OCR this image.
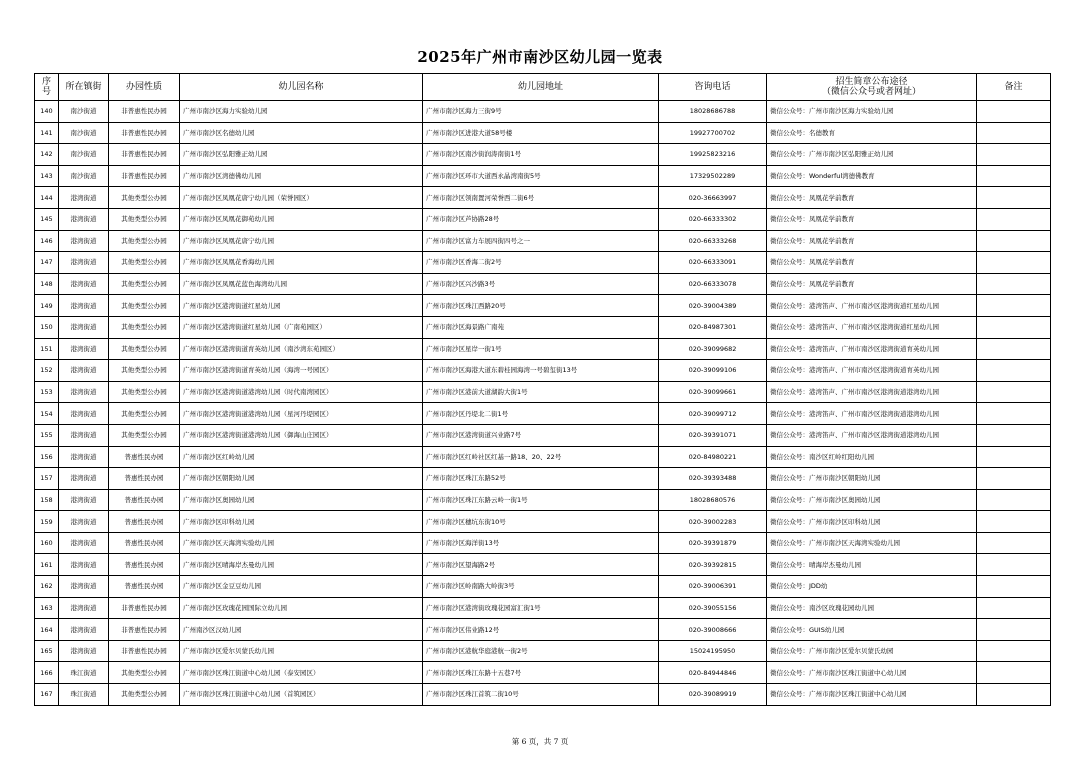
2025年广州市南沙区幼儿园一览表
序
号	所在镇街	办园性质	幼儿园名称	幼儿园地址	咨询电话	招生简章公布途径
（微信公众号或者网址）	备注
140	南沙街道	非普惠性民办园	广州市南沙区海力实验幼儿园	广州市南沙区海力三街9号	18028686788	微信公众号：广州市南沙区海力实验幼儿园	
141	南沙街道	非普惠性民办园	广州市南沙区名德幼儿园	广州市南沙区进港大道58号楼	19927700702	微信公众号：名德教育	
142	南沙街道	非普惠性民办园	广州市南沙区弘阳雅正幼儿园	广州市南沙区南沙街润涛南街1号	19925823216	微信公众号：广州市南沙区弘阳雅正幼儿园	
143	南沙街道	非普惠性民办园	广州市南沙区湾德佛幼儿园	广州市南沙区环市大道西永晶湾南街5号	17329502289	微信公众号：Wonderful湾德佛教育	
144	港湾街道	其他类型公办园	广州市南沙区凤凰花唐宁幼儿园（荣誉园区）	广州市南沙区领南置河荣誉西二街6号	020-36663997	微信公众号：凤凰花学前教育	
145	港湾街道	其他类型公办园	广州市南沙区凤凰花御苑幼儿园	广州市南沙区芦协路28号	020-66333302	微信公众号：凤凰花学前教育	
146	港湾街道	其他类型公办园	广州市南沙区凤凰花唐宁幼儿园	广州市南沙区富力车展四街四号之一	020-66333268	微信公众号：凤凰花学前教育	
147	港湾街道	其他类型公办园	广州市南沙区凤凰花香海幼儿园	广州市南沙区香海二街2号	020-66333091	微信公众号：凤凰花学前教育	
148	港湾街道	其他类型公办园	广州市南沙区凤凰花蓝色海湾幼儿园	广州市南沙区兴沙路3号	020-66333078	微信公众号：凤凰花学前教育	
149	港湾街道	其他类型公办园	广州市南沙区港湾街道红星幼儿园	广州市南沙区珠江西路20号	020-39004389	微信公众号：港湾笛声、广州市南沙区港湾街道红星幼儿园	
150	港湾街道	其他类型公办园	广州市南沙区港湾街道红星幼儿园（广南苑园区）	广州市南沙区海景路广南苑	020-84987301	微信公众号：港湾笛声、广州市南沙区港湾街道红星幼儿园	
151	港湾街道	其他类型公办园	广州市南沙区港湾街道育英幼儿园（南沙湾东苑园区）	广州市南沙区星岸一街1号	020-39099682	微信公众号：港湾笛声、广州市南沙区港湾街道育英幼儿园	
152	港湾街道	其他类型公办园	广州市南沙区港湾街道育英幼儿园（海湾一号园区）	广州市南沙区海港大道东碧桂园海湾一号碧玺街13号	020-39099106	微信公众号：港湾笛声、广州市南沙区港湾街道育英幼儿园	
153	港湾街道	其他类型公办园	广州市南沙区港湾街道港湾幼儿园（时代南湾园区）	广州市南沙区港前大道湖韵大街1号	020-39099661	微信公众号：港湾笛声、广州市南沙区港湾街道港湾幼儿园	
154	港湾街道	其他类型公办园	广州市南沙区港湾街道港湾幼儿园（星河丹堤园区）	广州市南沙区丹堤北二街1号	020-39099712	微信公众号：港湾笛声、广州市南沙区港湾街道港湾幼儿园	
155	港湾街道	其他类型公办园	广州市南沙区港湾街道港湾幼儿园（御海山庄园区）	广州市南沙区港湾街道兴业路7号	020-39391071	微信公众号：港湾笛声、广州市南沙区港湾街道港湾幼儿园	
156	港湾街道	普惠性民办园	广州市南沙区红岭幼儿园	广州市南沙区红岭社区红基一路18、20、22号	020-84980221	微信公众号：南沙区红岭红阳幼儿园	
157	港湾街道	普惠性民办园	广州市南沙区朝阳幼儿园	广州市南沙区珠江东路52号	020-39393488	微信公众号：广州市南沙区朝阳幼儿园	
158	港湾街道	普惠性民办园	广州市南沙区奥园幼儿园	广州市南沙区珠江东路云岭一街1号	18028680576	微信公众号：广州市南沙区奥园幼儿园	
159	港湾街道	普惠性民办园	广州市南沙区印科幼儿园	广州市南沙区穗坑东街10号	020-39002283	微信公众号：广州市南沙区印科幼儿园	
160	港湾街道	普惠性民办园	广州市南沙区天海湾实验幼儿园	广州市南沙区海洋街13号	020-39391879	微信公众号：广州市南沙区天海湾实验幼儿园	
161	港湾街道	普惠性民办园	广州市南沙区晴海岸杰曼幼儿园	广州市南沙区望海路2号	020-39392815	微信公众号：晴海岸杰曼幼儿园	
162	港湾街道	普惠性民办园	广州市南沙区金豆豆幼儿园	广州市南沙区岭南路大岭街3号	020-39006391	微信公众号：JDD幼	
163	港湾街道	非普惠性民办园	广州市南沙区玫瑰花园国际立幼儿园	广州市南沙区港湾街玫瑰花园富汇街1号	020-39055156	微信公众号：南沙区玫瑰花园幼儿园	
164	港湾街道	非普惠性民办园	广州南沙区汉幼儿园	广州市南沙区伟业路12号	020-39008666	微信公众号：GUIS幼儿园	
165	港湾街道	非普惠性民办园	广州市南沙区爱尔贝蒙氏幼儿园	广州市南沙区港航华庭港航一街2号	15024195950	微信公众号：广州市南沙区爱尔贝蒙氏幼园	
166	珠江街道	其他类型公办园	广州市南沙区珠江街道中心幼儿园（泰安园区）	广州市南沙区珠江东路十五巷7号	020-84944846	微信公众号：广州市南沙区珠江街道中心幼儿园	
167	珠江街道	其他类型公办园	广州市南沙区珠江街道中心幼儿园（首筑园区）	广州市南沙区珠江首筑二街10号	020-39089919	微信公众号：广州市南沙区珠江街道中心幼儿园	
第 6 页，共 7 页
